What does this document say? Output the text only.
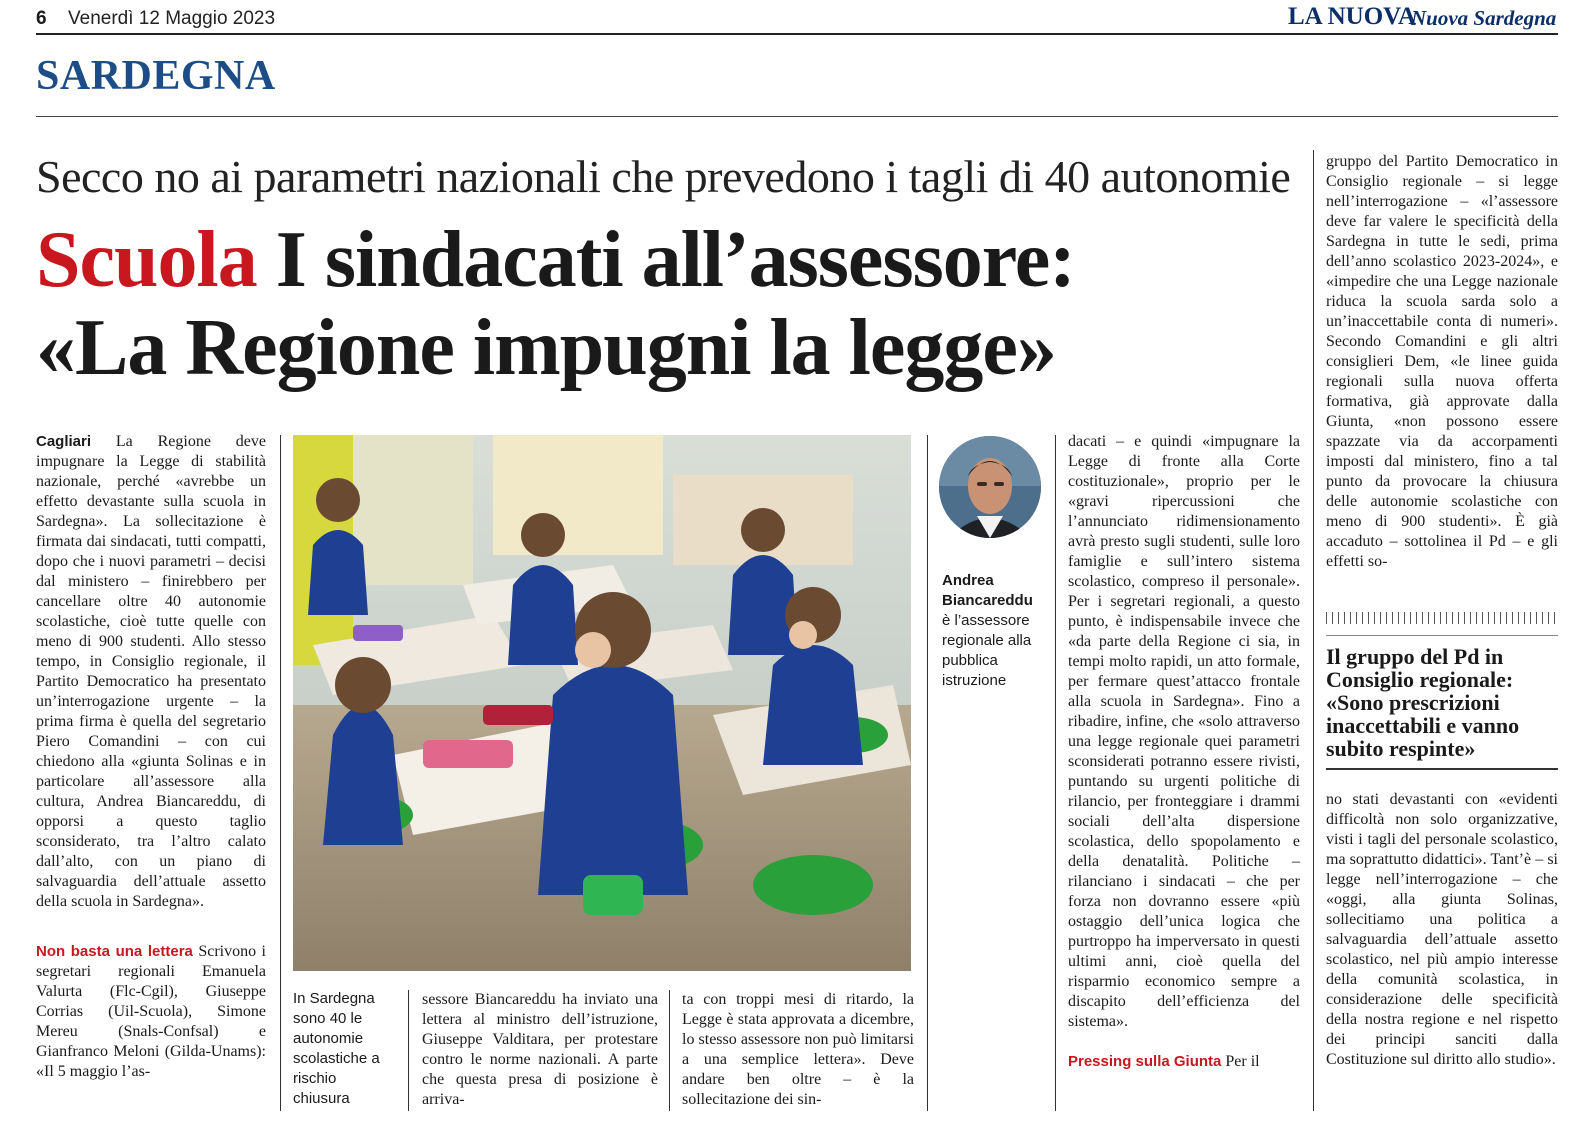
6 Venerdì 12 Maggio 2023	LA NUOVA
Nuova Sardegna
SARDEGNA
Secco no ai parametri nazionali che prevedono i tagli di 40 autonomie
Scuola I sindacati all’assessore:
«La Regione impugni la legge»

Cagliari La Regione deve impugnare la Legge di stabilità nazionale, perché «avrebbe un effetto devastante sulla scuola in Sardegna». La sollecitazione è firmata dai sindacati, tutti compatti, dopo che i nuovi parametri – decisi dal ministero – finirebbero per cancellare oltre 40 autonomie scolastiche, cioè tutte quelle con meno di 900 studenti. Allo stesso tempo, in Consiglio regionale, il Partito Democratico ha presentato un’interrogazione urgente – la prima firma è quella del segretario Piero Comandini – con cui chiedono alla «giunta Solinas e in particolare all’assessore alla cultura, Andrea Biancareddu, di opporsi a questo taglio sconsiderato, tra l’altro calato dall’alto, con un piano di salvaguardia dell’attuale assetto della scuola in Sardegna».

Non basta una lettera Scrivono i segretari regionali Emanuela Valurta (Flc-Cgil), Giuseppe Corrias (Uil-Scuola), Simone Mereu (Snals-Confsal) e Gianfranco Meloni (Gilda-Unams): «Il 5 maggio l’as-

In Sardegna sono 40 le autonomie scolastiche a rischio chiusura

sessore Biancareddu ha inviato una lettera al ministro dell’istruzione, Giuseppe Valditara, per protestare contro le norme nazionali. A parte che questa presa di posizione è arriva-

ta con troppi mesi di ritardo, la Legge è stata approvata a dicembre, lo stesso assessore non può limitarsi a una semplice lettera». Deve andare ben oltre – è la sollecitazione dei sin-

Andrea Biancareddu
è l’assessore regionale alla pubblica istruzione

dacati – e quindi «impugnare la Legge di fronte alla Corte costituzionale», proprio per le «gravi ripercussioni che l’annunciato ridimensionamento avrà presto sugli studenti, sulle loro famiglie e sull’intero sistema scolastico, compreso il personale». Per i segretari regionali, a questo punto, è indispensabile invece che «da parte della Regione ci sia, in tempi molto rapidi, un atto formale, per fermare quest’attacco frontale alla scuola in Sardegna». Fino a ribadire, infine, che «solo attraverso una legge regionale quei parametri sconsiderati potranno essere rivisti, puntando su urgenti politiche di rilancio, per fronteggiare i drammi sociali dell’alta dispersione scolastica, dello spopolamento e della denatalità. Politiche – rilanciano i sindacati – che per forza non dovranno essere «più ostaggio dell’unica logica che purtroppo ha imperversato in questi ultimi anni, cioè quella del risparmio economico sempre a discapito dell’efficienza del sistema».

Pressing sulla Giunta Per il

gruppo del Partito Democratico in Consiglio regionale – si legge nell’interrogazione – «l’assessore deve far valere le specificità della Sardegna in tutte le sedi, prima dell’anno scolastico 2023-2024», e «impedire che una Legge nazionale riduca la scuola sarda solo a un’inaccettabile conta di numeri». Secondo Comandini e gli altri consiglieri Dem, «le linee guida regionali sulla nuova offerta formativa, già approvate dalla Giunta, «non possono essere spazzate via da accorpamenti imposti dal ministero, fino a tal punto da provocare la chiusura delle autonomie scolastiche con meno di 900 studenti». È già accaduto – sottolinea il Pd – e gli effetti so-

Il gruppo del Pd in Consiglio regionale: «Sono prescrizioni inaccettabili e vanno subito respinte»

no stati devastanti con «evidenti difficoltà non solo organizzative, visti i tagli del personale scolastico, ma soprattutto didattici». Tant’è – si legge nell’interrogazione – che «oggi, alla giunta Solinas, sollecitiamo una politica a salvaguardia dell’attuale assetto scolastico, nel più ampio interesse della comunità scolastica, in considerazione delle specificità della nostra regione e nel rispetto dei principi sanciti dalla Costituzione sul diritto allo studio».
